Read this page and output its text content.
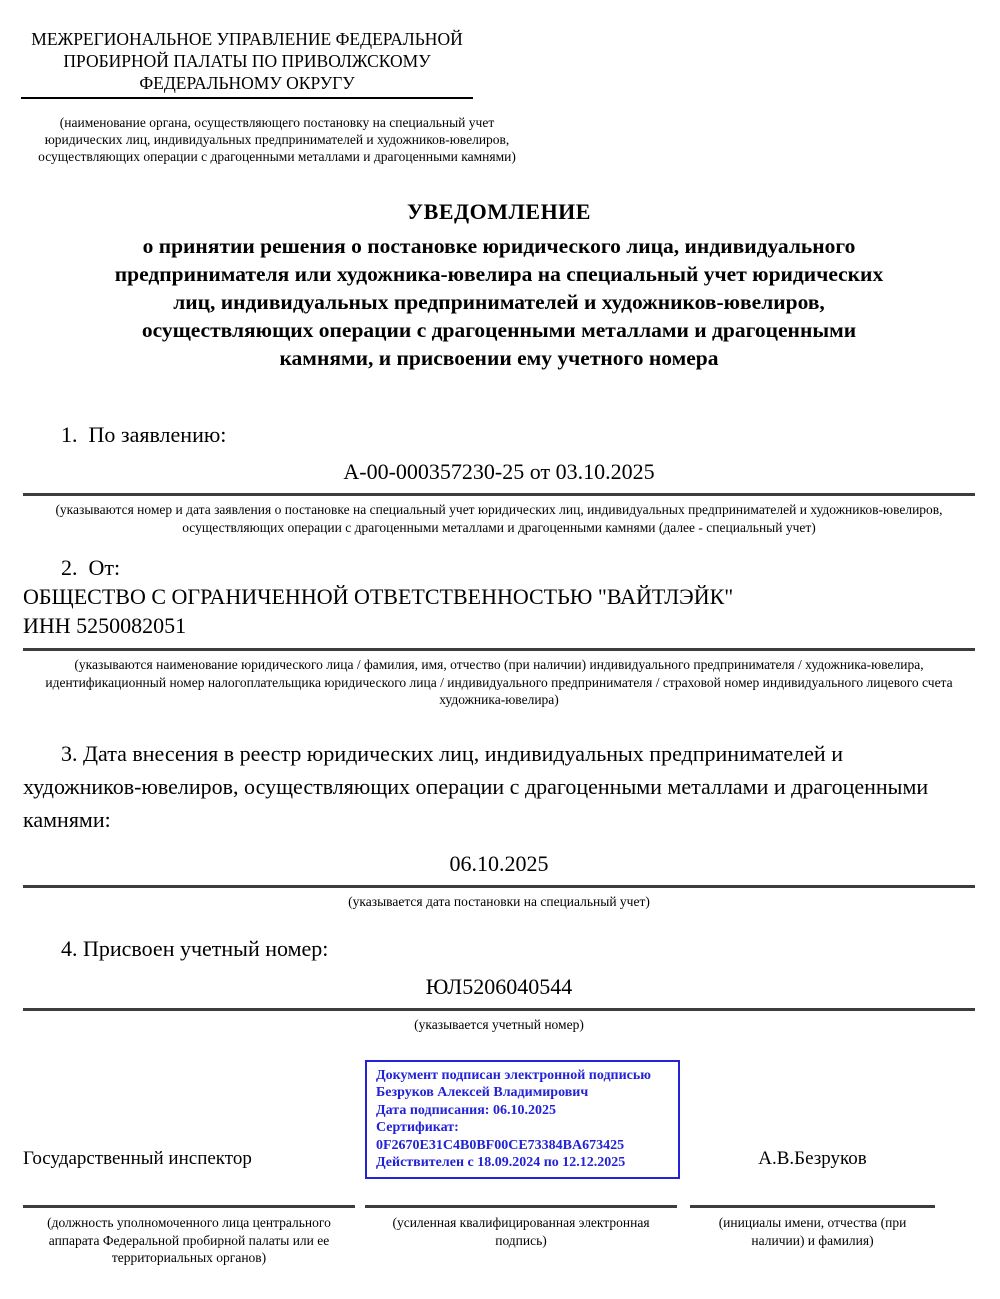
МЕЖРЕГИОНАЛЬНОЕ УПРАВЛЕНИЕ ФЕДЕРАЛЬНОЙ
ПРОБИРНОЙ ПАЛАТЫ ПО ПРИВОЛЖСКОМУ
ФЕДЕРАЛЬНОМУ ОКРУГУ
(наименование органа, осуществляющего постановку на специальный учет юридических лиц, индивидуальных предпринимателей и художников-ювелиров, осуществляющих операции с драгоценными металлами и драгоценными камнями)
УВЕДОМЛЕНИЕ
о принятии решения о постановке юридического лица, индивидуального
предпринимателя или художника-ювелира на специальный учет юридических
лиц, индивидуальных предпринимателей и художников-ювелиров,
осуществляющих операции с драгоценными металлами и драгоценными
камнями, и присвоении ему учетного номера
1.  По заявлению:
А-00-000357230-25 от 03.10.2025
(указываются номер и дата заявления о постановке на специальный учет юридических лиц, индивидуальных предпринимателей и художников-ювелиров, осуществляющих операции с драгоценными металлами и драгоценными камнями (далее - специальный учет)
2.  От:
ОБЩЕСТВО С ОГРАНИЧЕННОЙ ОТВЕТСТВЕННОСТЬЮ "ВАЙТЛЭЙК"
ИНН 5250082051
(указываются наименование юридического лица / фамилия, имя, отчество (при наличии) индивидуального предпринимателя / художника-ювелира, идентификационный номер налогоплательщика юридического лица / индивидуального предпринимателя / страховой номер индивидуального лицевого счета художника-ювелира)
3. Дата внесения в реестр юридических лиц, индивидуальных предпринимателей и художников-ювелиров, осуществляющих операции с драгоценными металлами и драгоценными камнями:
06.10.2025
(указывается дата постановки на специальный учет)
4. Присвоен учетный номер:
ЮЛ5206040544
(указывается учетный номер)
Государственный инспектор
Документ подписан электронной подписью
Безруков Алексей Владимирович
Дата подписания: 06.10.2025
Сертификат:
0F2670E31C4B0BF00CE73384BA673425
Действителен с 18.09.2024 по 12.12.2025	А.В.Безруков
(должность уполномоченного лица центрального аппарата Федеральной пробирной палаты или ее территориальных органов)
(усиленная квалифицированная электронная подпись)
(инициалы имени, отчества (при наличии) и фамилия)
